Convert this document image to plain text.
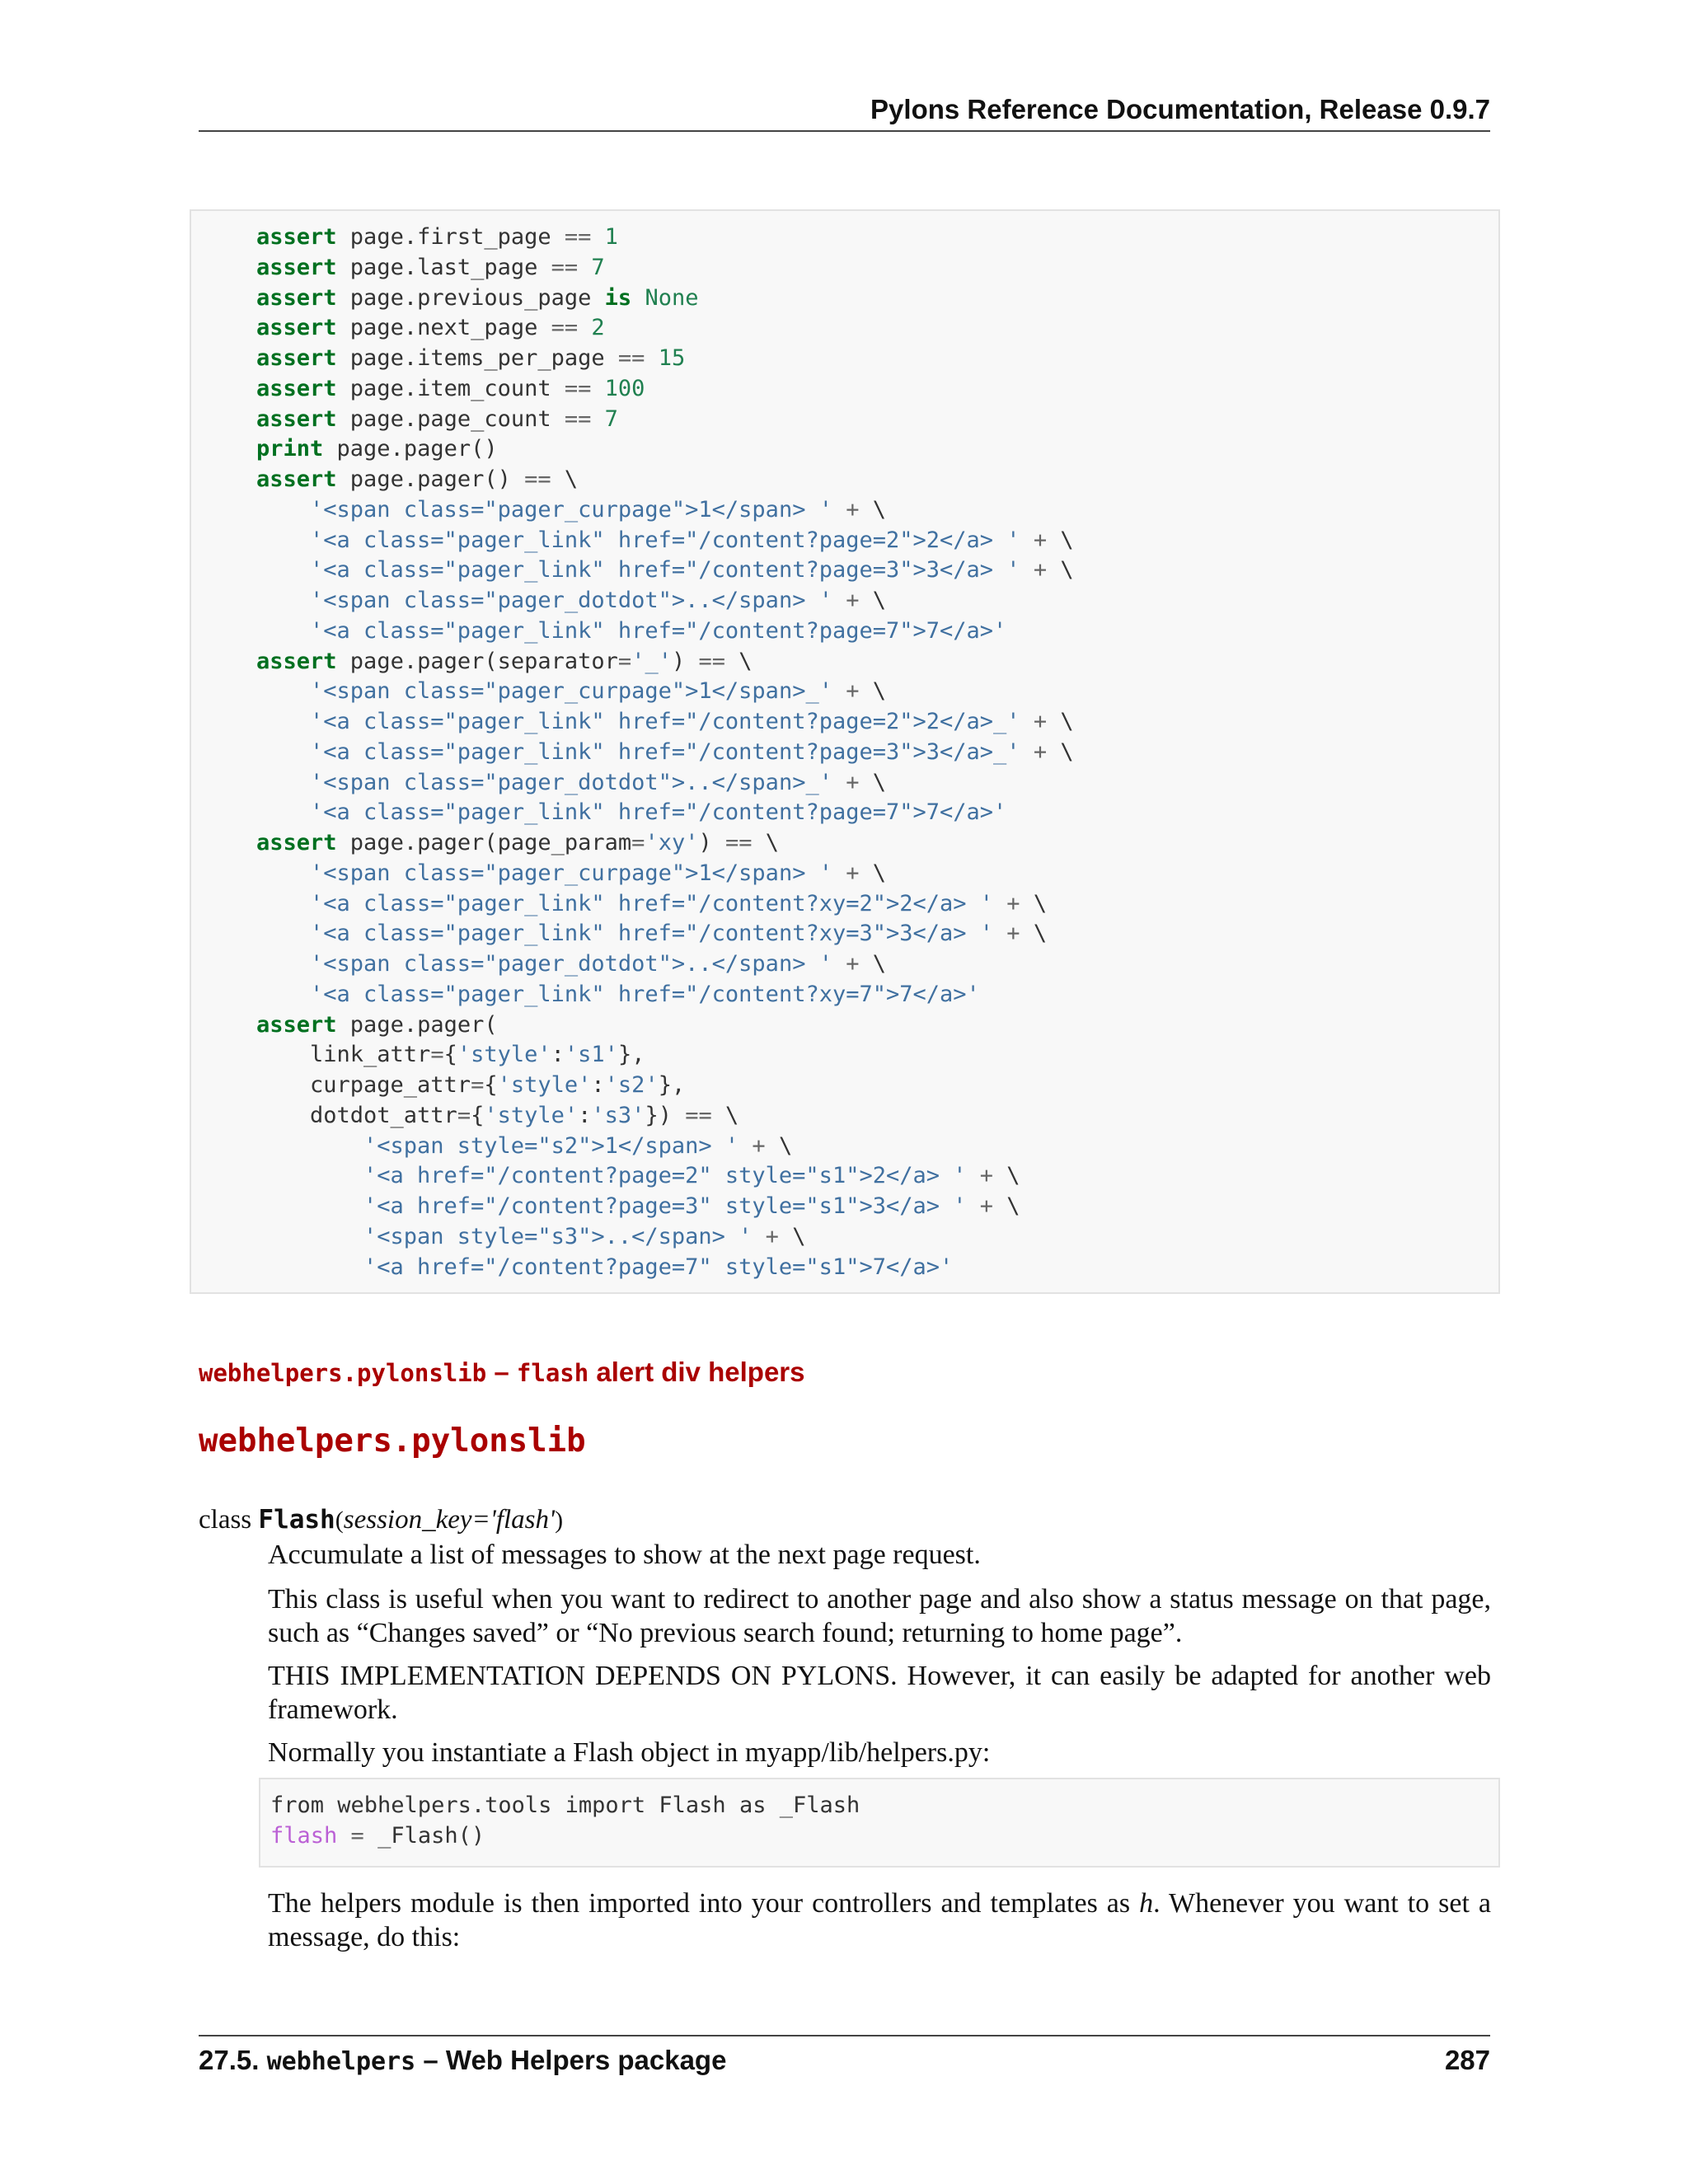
Pylons Reference Documentation, Release 0.9.7
assert page.first_page == 1
assert page.last_page == 7
assert page.previous_page is None
assert page.next_page == 2
assert page.items_per_page == 15
assert page.item_count == 100
assert page.page_count == 7
print page.pager()
assert page.pager() == \
'<span class="pager_curpage">1</span> ' + \
'<a class="pager_link" href="/content?page=2">2</a> ' + \
'<a class="pager_link" href="/content?page=3">3</a> ' + \
'<span class="pager_dotdot">..</span> ' + \
'<a class="pager_link" href="/content?page=7">7</a>'
assert page.pager(separator='_') == \
'<span class="pager_curpage">1</span>_' + \
'<a class="pager_link" href="/content?page=2">2</a>_' + \
'<a class="pager_link" href="/content?page=3">3</a>_' + \
'<span class="pager_dotdot">..</span>_' + \
'<a class="pager_link" href="/content?page=7">7</a>'
assert page.pager(page_param='xy') == \
'<span class="pager_curpage">1</span> ' + \
'<a class="pager_link" href="/content?xy=2">2</a> ' + \
'<a class="pager_link" href="/content?xy=3">3</a> ' + \
'<span class="pager_dotdot">..</span> ' + \
'<a class="pager_link" href="/content?xy=7">7</a>'
assert page.pager(
link_attr={'style':'s1'},
curpage_attr={'style':'s2'},
dotdot_attr={'style':'s3'}) == \
'<span style="s2">1</span> ' + \
'<a href="/content?page=2" style="s1">2</a> ' + \
'<a href="/content?page=3" style="s1">3</a> ' + \
'<span style="s3">..</span> ' + \
'<a href="/content?page=7" style="s1">7</a>'
webhelpers.pylonslib – flash alert div helpers
webhelpers.pylonslib
class Flash(session_key='flash')
Accumulate a list of messages to show at the next page request.
This class is useful when you want to redirect to another page and also show a status message on that page, such as “Changes saved” or “No previous search found; returning to home page”.
THIS IMPLEMENTATION DEPENDS ON PYLONS. However, it can easily be adapted for another web framework.
Normally you instantiate a Flash object in myapp/lib/helpers.py:
from webhelpers.tools import Flash as _Flash
flash = _Flash()
The helpers module is then imported into your controllers and templates as h. Whenever you want to set a message, do this:
27.5. webhelpers – Web Helpers package	287
